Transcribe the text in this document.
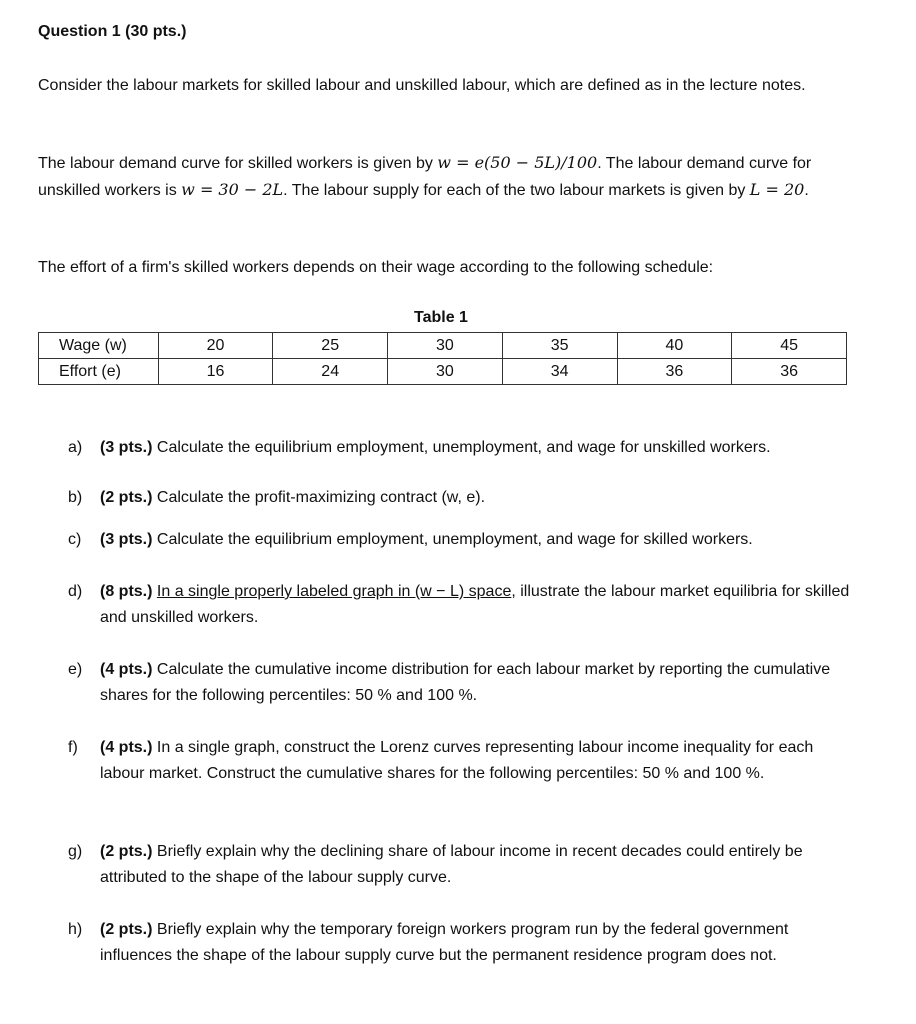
Question 1 (30 pts.)
Consider the labour markets for skilled labour and unskilled labour, which are defined as in the lecture notes.
The labour demand curve for skilled workers is given by w = e(50 − 5L)/100. The labour demand curve for unskilled workers is w = 30 − 2L. The labour supply for each of the two labour markets is given by L = 20.
The effort of a firm's skilled workers depends on their wage according to the following schedule:
Table 1
Wage (w)	20	25	30	35	40	45
Effort (e)	16	24	30	34	36	36
a)	(3 pts.) Calculate the equilibrium employment, unemployment, and wage for unskilled workers.
b)	(2 pts.) Calculate the profit-maximizing contract (w, e).
c)	(3 pts.) Calculate the equilibrium employment, unemployment, and wage for skilled workers.
d)	(8 pts.) In a single properly labeled graph in (w − L) space, illustrate the labour market equilibria for skilled and unskilled workers.
e)	(4 pts.) Calculate the cumulative income distribution for each labour market by reporting the cumulative shares for the following percentiles: 50 % and 100 %.
f)	(4 pts.) In a single graph, construct the Lorenz curves representing labour income inequality for each labour market. Construct the cumulative shares for the following percentiles: 50 % and 100 %.
g)	(2 pts.) Briefly explain why the declining share of labour income in recent decades could entirely be attributed to the shape of the labour supply curve.
h)	(2 pts.) Briefly explain why the temporary foreign workers program run by the federal government influences the shape of the labour supply curve but the permanent residence program does not.
